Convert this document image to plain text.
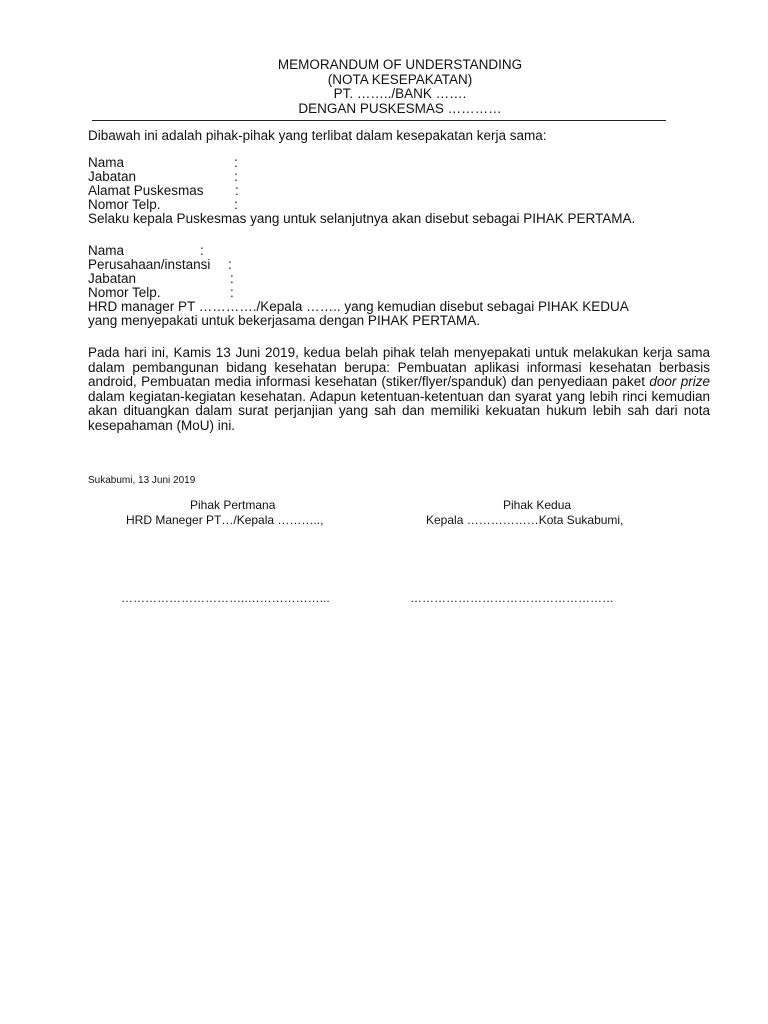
MEMORANDUM OF UNDERSTANDING
(NOTA KESEPAKATAN)
PT. ……../BANK …….
DENGAN PUSKESMAS …………
Dibawah ini adalah pihak-pihak yang terlibat dalam kesepakatan kerja sama:
Nama	:
Jabatan	:
Alamat Puskesmas :
Nomor Telp.	:
Selaku kepala Puskesmas yang untuk selanjutnya akan disebut sebagai PIHAK PERTAMA.
Nama	:
Perusahaan/instansi :
Jabatan	:
Nomor Telp.	:
HRD manager PT …………./Kepala …….. yang kemudian disebut sebagai PIHAK KEDUA
yang menyepakati untuk bekerjasama dengan PIHAK PERTAMA.
Pada hari ini, Kamis 13 Juni 2019, kedua belah pihak telah menyepakati untuk melakukan kerja sama dalam pembangunan bidang kesehatan berupa: Pembuatan aplikasi informasi kesehatan berbasis android, Pembuatan media informasi kesehatan (stiker/flyer/spanduk) dan penyediaan paket door prize dalam kegiatan-kegiatan kesehatan. Adapun ketentuan-ketentuan dan syarat yang lebih rinci kemudian akan dituangkan dalam surat perjanjian yang sah dan memiliki kekuatan hukum lebih sah dari nota kesepahaman (MoU) ini.
Sukabumi, 13 Juni 2019
Pihak Pertmana
HRD Maneger PT…/Kepala ………..,
Pihak Kedua
Kepala ………………Kota Sukabumi,
…………………………..………………...	……………………………………………
